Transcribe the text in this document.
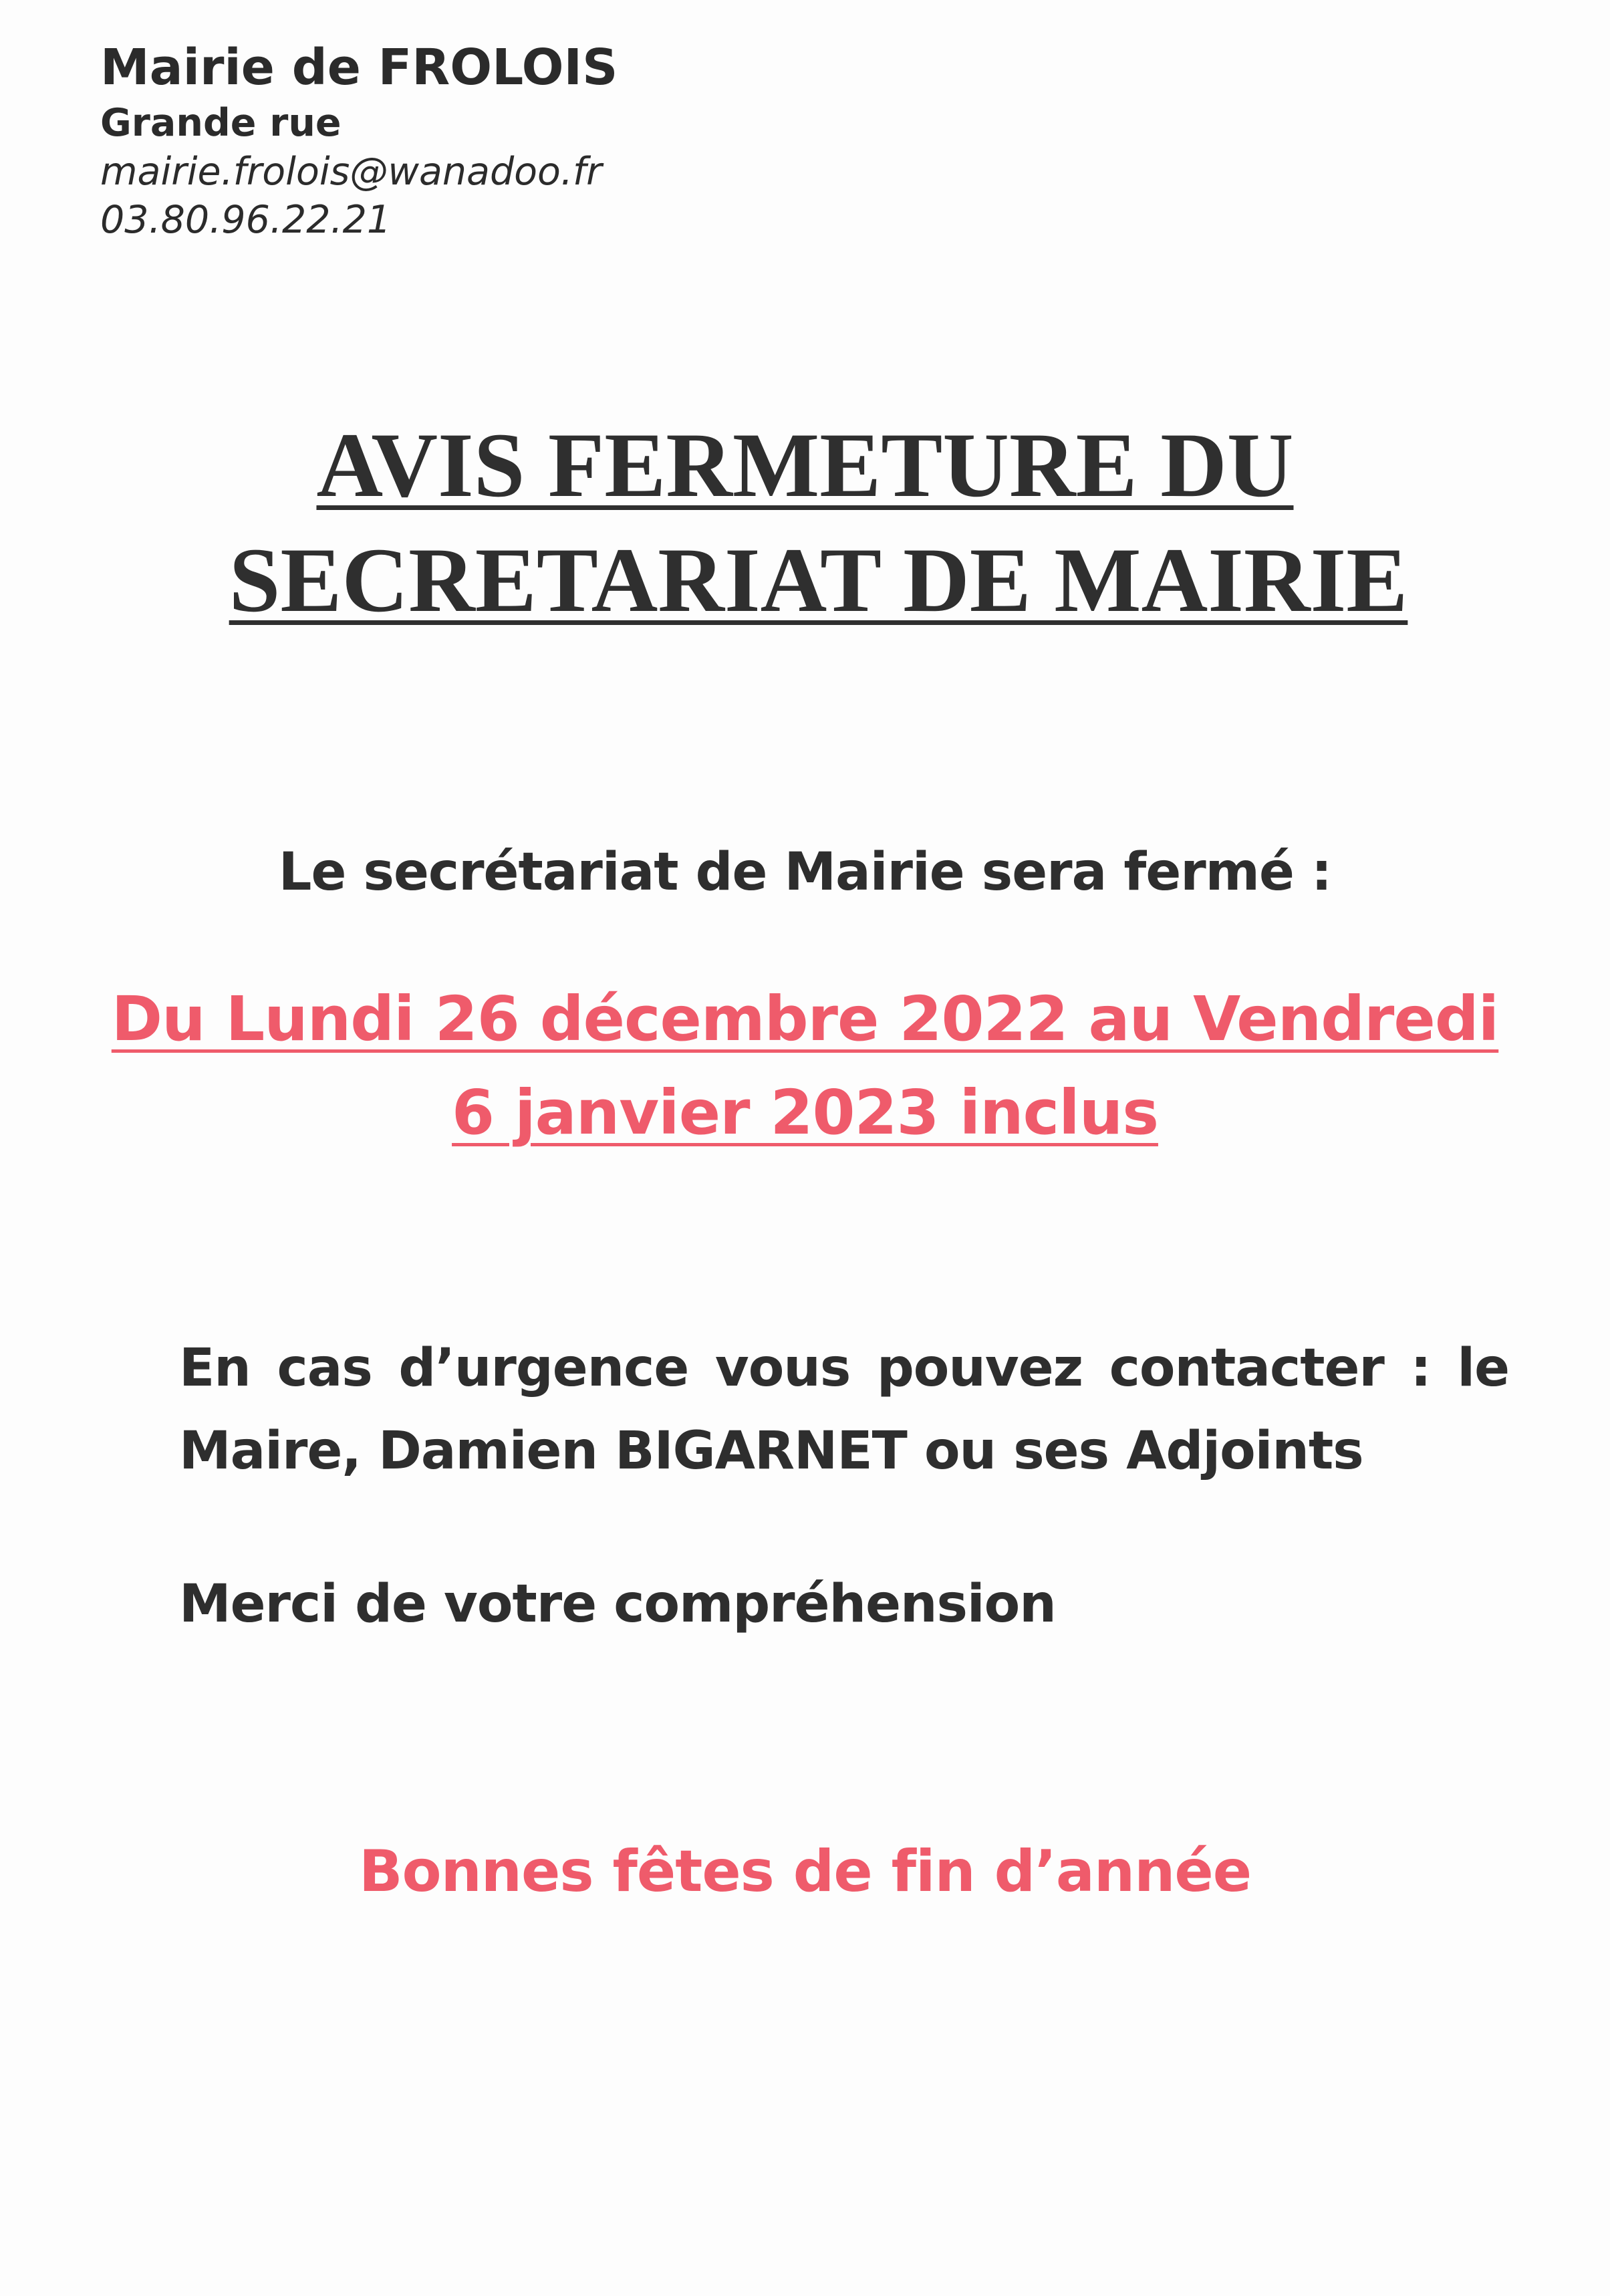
Mairie de FROLOIS
Grande rue
mairie.frolois@wanadoo.fr
03.80.96.22.21
AVIS FERMETURE DU
SECRETARIAT DE MAIRIE
Le secrétariat de Mairie sera fermé :
Du Lundi 26 décembre 2022 au Vendredi
6 janvier 2023 inclus
En cas d’urgence vous pouvez contacter : le
Maire, Damien BIGARNET ou ses Adjoints
Merci de votre compréhension
Bonnes fêtes de fin d’année
